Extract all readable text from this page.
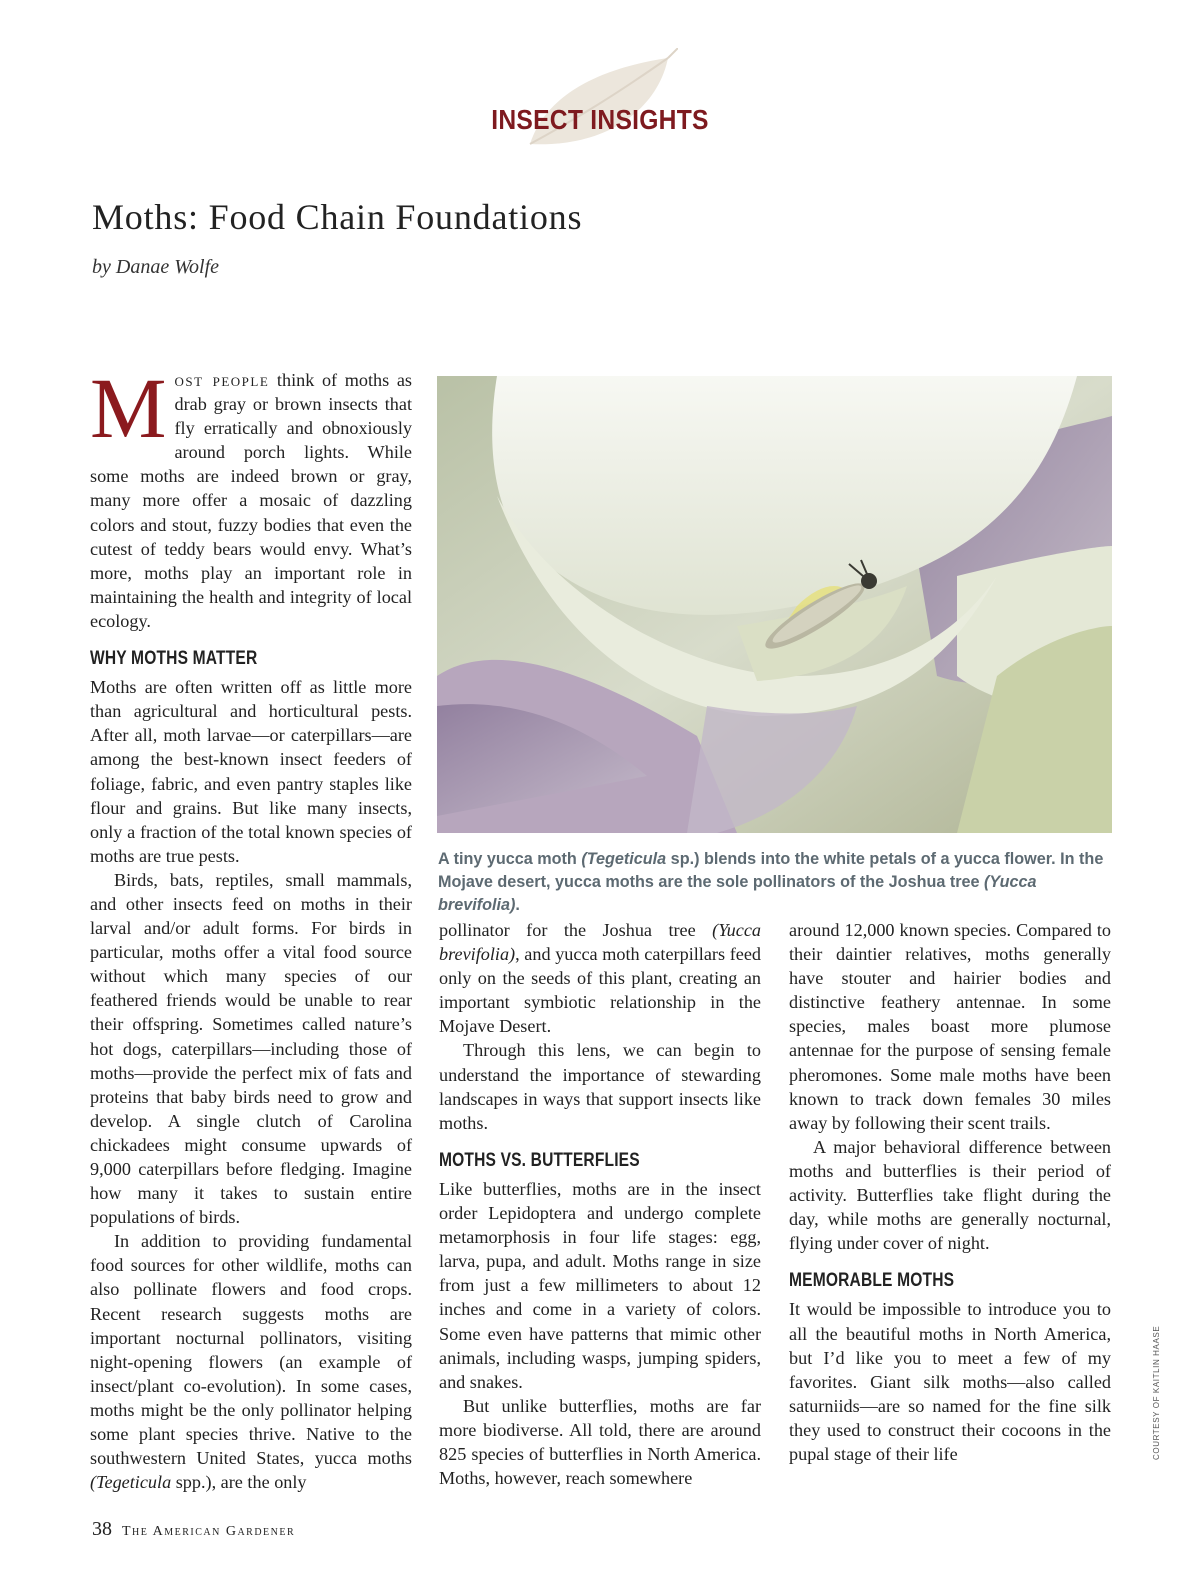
INSECT INSIGHTS
Moths: Food Chain Foundations
by Danae Wolfe

Most people think of moths as drab gray or brown insects that fly erratically and obnoxiously around porch lights. While some moths are indeed brown or gray, many more offer a mosaic of dazzling colors and stout, fuzzy bodies that even the cutest of teddy bears would envy. What’s more, moths play an important role in maintaining the health and integrity of local ecology.

WHY MOTHS MATTER

Moths are often written off as little more than agricultural and horticultural pests. After all, moth larvae—or caterpillars—are among the best-known insect feeders of foliage, fabric, and even pantry staples like flour and grains. But like many insects, only a fraction of the total known species of moths are true pests.

Birds, bats, reptiles, small mammals, and other insects feed on moths in their larval and/or adult forms. For birds in particular, moths offer a vital food source without which many species of our feathered friends would be unable to rear their offspring. Sometimes called nature’s hot dogs, caterpillars—including those of moths—provide the perfect mix of fats and proteins that baby birds need to grow and develop. A single clutch of Carolina chickadees might consume upwards of 9,000 caterpillars before fledging. Imagine how many it takes to sustain entire populations of birds.

In addition to providing fundamental food sources for other wildlife, moths can also pollinate flowers and food crops. Recent research suggests moths are important nocturnal pollinators, visiting night-opening flowers (an example of insect/plant co-evolution). In some cases, moths might be the only pollinator helping some plant species thrive. Native to the southwestern United States, yucca moths (Tegeticula spp.), are the only

A tiny yucca moth (Tegeticula sp.) blends into the white petals of a yucca flower. In the Mojave desert, yucca moths are the sole pollinators of the Joshua tree (Yucca brevifolia).

pollinator for the Joshua tree (Yucca brevifolia), and yucca moth caterpillars feed only on the seeds of this plant, creating an important symbiotic relationship in the Mojave Desert.

Through this lens, we can begin to understand the importance of stewarding landscapes in ways that support insects like moths.

MOTHS VS. BUTTERFLIES

Like butterflies, moths are in the insect order Lepidoptera and undergo complete metamorphosis in four life stages: egg, larva, pupa, and adult. Moths range in size from just a few millimeters to about 12 inches and come in a variety of colors. Some even have patterns that mimic other animals, including wasps, jumping spiders, and snakes.

But unlike butterflies, moths are far more biodiverse. All told, there are around 825 species of butterflies in North America. Moths, however, reach somewhere

around 12,000 known species. Compared to their daintier relatives, moths generally have stouter and hairier bodies and distinctive feathery antennae. In some species, males boast more plumose antennae for the purpose of sensing female pheromones. Some male moths have been known to track down females 30 miles away by following their scent trails.

A major behavioral difference between moths and butterflies is their period of activity. Butterflies take flight during the day, while moths are generally nocturnal, flying under cover of night.

MEMORABLE MOTHS

It would be impossible to introduce you to all the beautiful moths in North America, but I’d like you to meet a few of my favorites. Giant silk moths—also called saturniids—are so named for the fine silk they used to construct their cocoons in the pupal stage of their life	COURTESY OF KAITLIN HAASE
38 The American Gardener
